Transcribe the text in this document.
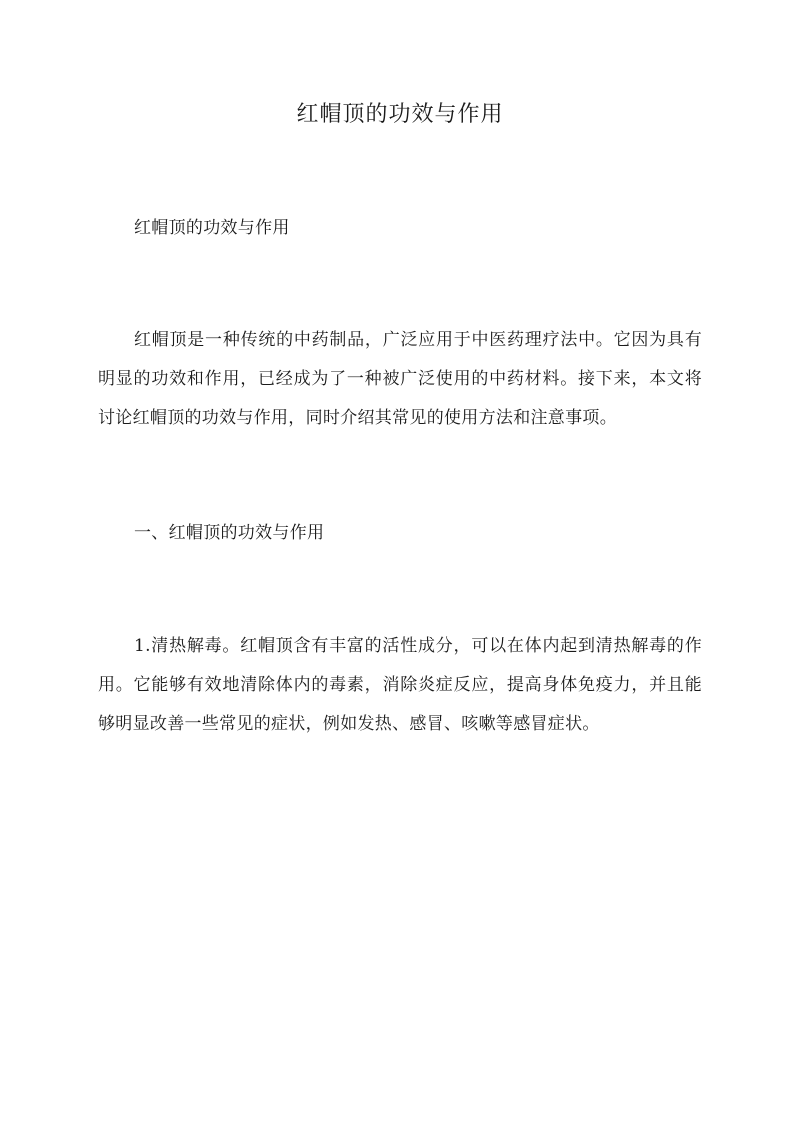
红帽顶的功效与作用

红帽顶的功效与作用

红帽顶是一种传统的中药制品，广泛应用于中医药理疗法中。它因为具有明显的功效和作用，已经成为了一种被广泛使用的中药材料。接下来，本文将讨论红帽顶的功效与作用，同时介绍其常见的使用方法和注意事项。

一、红帽顶的功效与作用

1.清热解毒。红帽顶含有丰富的活性成分，可以在体内起到清热解毒的作用。它能够有效地清除体内的毒素，消除炎症反应，提高身体免疫力，并且能够明显改善一些常见的症状，例如发热、感冒、咳嗽等感冒症状。
